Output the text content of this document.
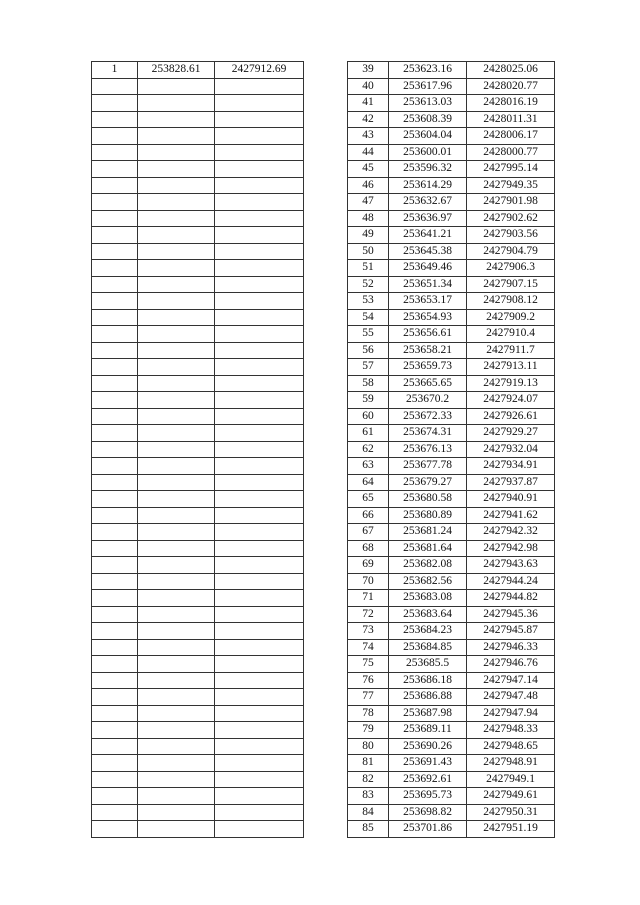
1	253828.61	2427912.69

			39	253623.16	2428025.06
40	253617.96	2428020.77
41	253613.03	2428016.19
42	253608.39	2428011.31
43	253604.04	2428006.17
44	253600.01	2428000.77
45	253596.32	2427995.14
46	253614.29	2427949.35
47	253632.67	2427901.98
48	253636.97	2427902.62
49	253641.21	2427903.56
50	253645.38	2427904.79
51	253649.46	2427906.3
52	253651.34	2427907.15
53	253653.17	2427908.12
54	253654.93	2427909.2
55	253656.61	2427910.4
56	253658.21	2427911.7
57	253659.73	2427913.11
58	253665.65	2427919.13
59	253670.2	2427924.07
60	253672.33	2427926.61
61	253674.31	2427929.27
62	253676.13	2427932.04
63	253677.78	2427934.91
64	253679.27	2427937.87
65	253680.58	2427940.91
66	253680.89	2427941.62
67	253681.24	2427942.32
68	253681.64	2427942.98
69	253682.08	2427943.63
70	253682.56	2427944.24
71	253683.08	2427944.82
72	253683.64	2427945.36
73	253684.23	2427945.87
74	253684.85	2427946.33
75	253685.5	2427946.76
76	253686.18	2427947.14
77	253686.88	2427947.48
78	253687.98	2427947.94
79	253689.11	2427948.33
80	253690.26	2427948.65
81	253691.43	2427948.91
82	253692.61	2427949.1
83	253695.73	2427949.61
84	253698.82	2427950.31
85	253701.86	2427951.19
